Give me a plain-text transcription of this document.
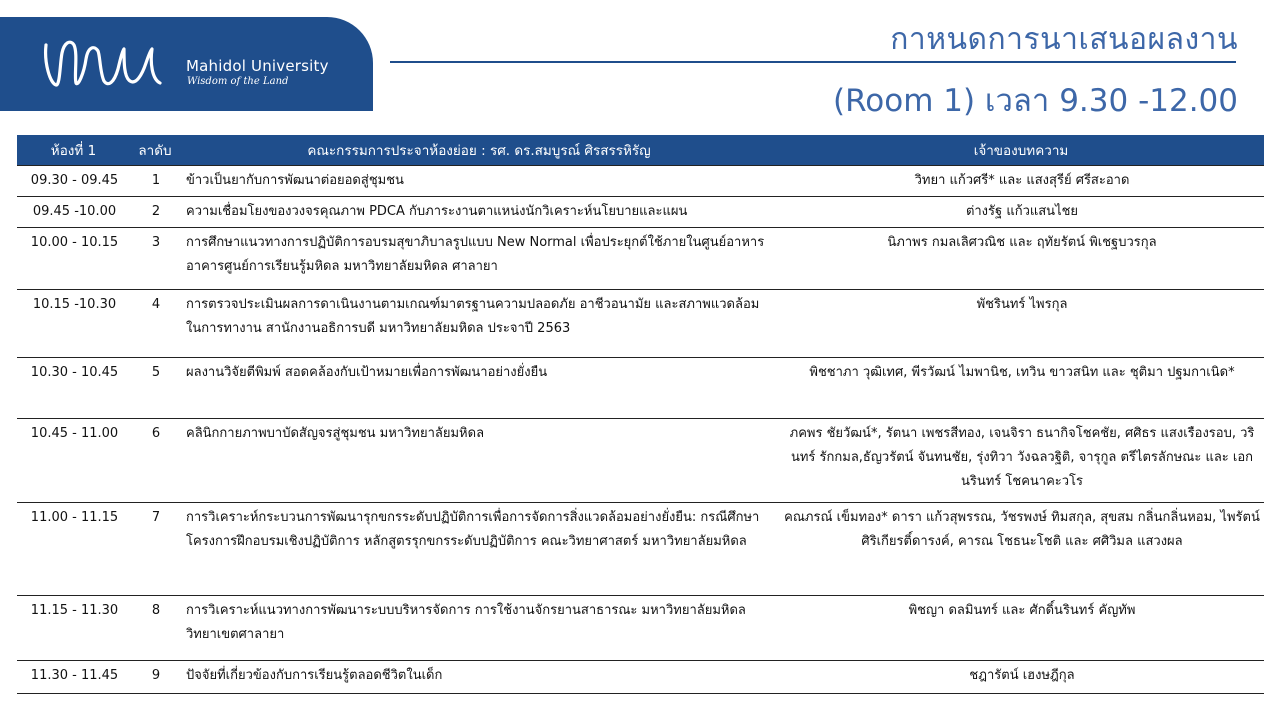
Mahidol University
Wisdom of the Land
กาหนดการนาเสนอผลงาน
(Room 1) เวลา 9.30 -12.00
ห้องที่ 1	ลาดับ	คณะกรรมการประจาห้องย่อย : รศ. ดร.สมบูรณ์ ศิรสรรหิรัญ	เจ้าของบทความ
09.30 - 09.45	1	ข้าวเป็นยากับการพัฒนาต่อยอดสู่ชุมชน	วิทยา แก้วศรี* และ แสงสุรีย์ ศรีสะอาด
09.45 -10.00	2	ความเชื่อมโยงของวงจรคุณภาพ PDCA กับภาระงานตาแหน่งนักวิเคราะห์นโยบายและแผน	ต่างรัฐ แก้วแสนไชย
10.00 - 10.15	3	การศึกษาแนวทางการปฏิบัติการอบรมสุขาภิบาลรูปแบบ New Normal เพื่อประยุกต์ใช้ภายในศูนย์อาหาร อาคารศูนย์การเรียนรู้มหิดล มหาวิทยาลัยมหิดล ศาลายา	นิภาพร กมลเลิศวณิช และ ฤทัยรัตน์ พิเชฐบวรกุล
10.15 -10.30	4	การตรวจประเมินผลการดาเนินงานตามเกณฑ์มาตรฐานความปลอดภัย อาชีวอนามัย และสภาพแวดล้อมในการทางาน สานักงานอธิการบดี มหาวิทยาลัยมหิดล ประจาปี 2563	พัชรินทร์ ไพรกุล
10.30 - 10.45	5	ผลงานวิจัยตีพิมพ์ สอดคล้องกับเป้าหมายเพื่อการพัฒนาอย่างยั่งยืน	พิชชาภา วุฒิเทศ, พีรวัฒน์ ไมพานิช, เทวิน ขาวสนิท และ ชุติมา ปฐมกาเนิด*
10.45 - 11.00	6	คลินิกกายภาพบาบัดสัญจรสู่ชุมชน มหาวิทยาลัยมหิดล	ภคพร ชัยวัฒน์*, รัตนา เพชรสีทอง, เจนจิรา ธนากิจโชคชัย, ศศิธร แสงเรืองรอบ, วรินทร์ รักกมล,ธัญวรัตน์ จันทนชัย, รุ่งทิวา วังฉลวฐิติ, จารุกูล ตรีไตรลักษณะ และ เอกนรินทร์ โชคนาคะวโร
11.00 - 11.15	7	การวิเคราะห์กระบวนการพัฒนารุกขกรระดับปฏิบัติการเพื่อการจัดการสิ่งแวดล้อมอย่างยั่งยืน: กรณีศึกษาโครงการฝึกอบรมเชิงปฏิบัติการ หลักสูตรรุกขกรระดับปฏิบัติการ คณะวิทยาศาสตร์ มหาวิทยาลัยมหิดล	คณภรณ์ เข็มทอง* ดารา แก้วสุพรรณ, วัชรพงษ์ ทิมสกุล, สุขสม กลิ่นกลิ่นหอม, ไพรัตน์ ศิริเกียรติ์ดารงค์, คารณ โชธนะโชติ และ ศศิวิมล แสวงผล
11.15 - 11.30	8	การวิเคราะห์แนวทางการพัฒนาระบบบริหารจัดการ การใช้งานจักรยานสาธารณะ มหาวิทยาลัยมหิดล วิทยาเขตศาลายา	พิชญา ดลมินทร์ และ ศักดิ์นรินทร์ คัญทัพ
11.30 - 11.45	9	ปัจจัยที่เกี่ยวข้องกับการเรียนรู้ตลอดชีวิตในเด็ก	ชฎารัตน์ เฮงษฎีกุล
